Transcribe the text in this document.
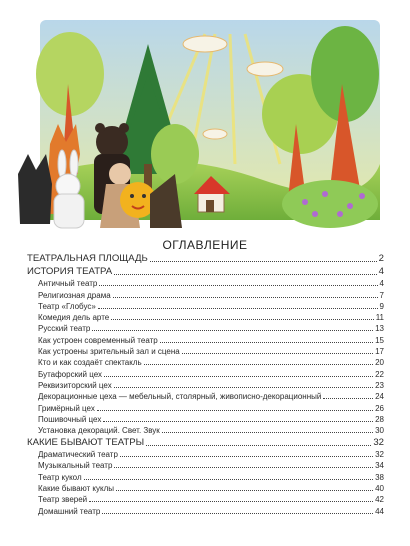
ОГЛАВЛЕНИЕ
ТЕАТРАЛЬНАЯ ПЛОЩАДЬ	2
ИСТОРИЯ ТЕАТРА	4
Античный театр	4
Религиозная драма	7
Театр «Глобус»	9
Комедия дель арте	11
Русский театр	13
Как устроен современный театр	15
Как устроены зрительный зал и сцена	17
Кто и как создаёт спектакль	20
Бутафорский цех	22
Реквизиторский цех	23
Декорационные цеха — мебельный, столярный, живописно-декорационный	24
Гримёрный цех	26
Пошивочный цех	28
Установка декораций. Свет. Звук	30
КАКИЕ БЫВАЮТ ТЕАТРЫ	32
Драматический театр	32
Музыкальный театр	34
Театр кукол	38
Какие бывают куклы	40
Театр зверей	42
Домашний театр	44
